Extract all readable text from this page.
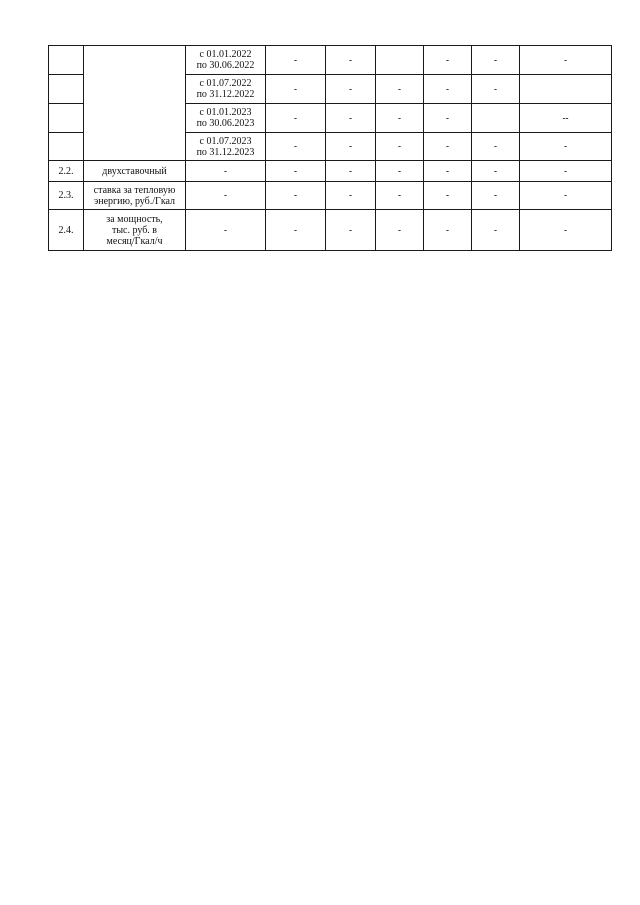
		с 01.01.2022
по 30.06.2022	-	-		-	-	-

		с 01.07.2022
по 31.12.2022	-	-	-	-	-	

		с 01.01.2023
по 30.06.2023	-	-	-	-		--

		с 01.07.2023
по 31.12.2023	-	-	-	-	-	-
2.2.	двухставочный	-	-	-	-	-	-	-
2.3.	ставка за тепловую
энергию, руб./Гкал	-	-	-	-	-	-	-
2.4.	за мощность,
тыс. руб. в
месяц/Гкал/ч	-	-	-	-	-	-	-
